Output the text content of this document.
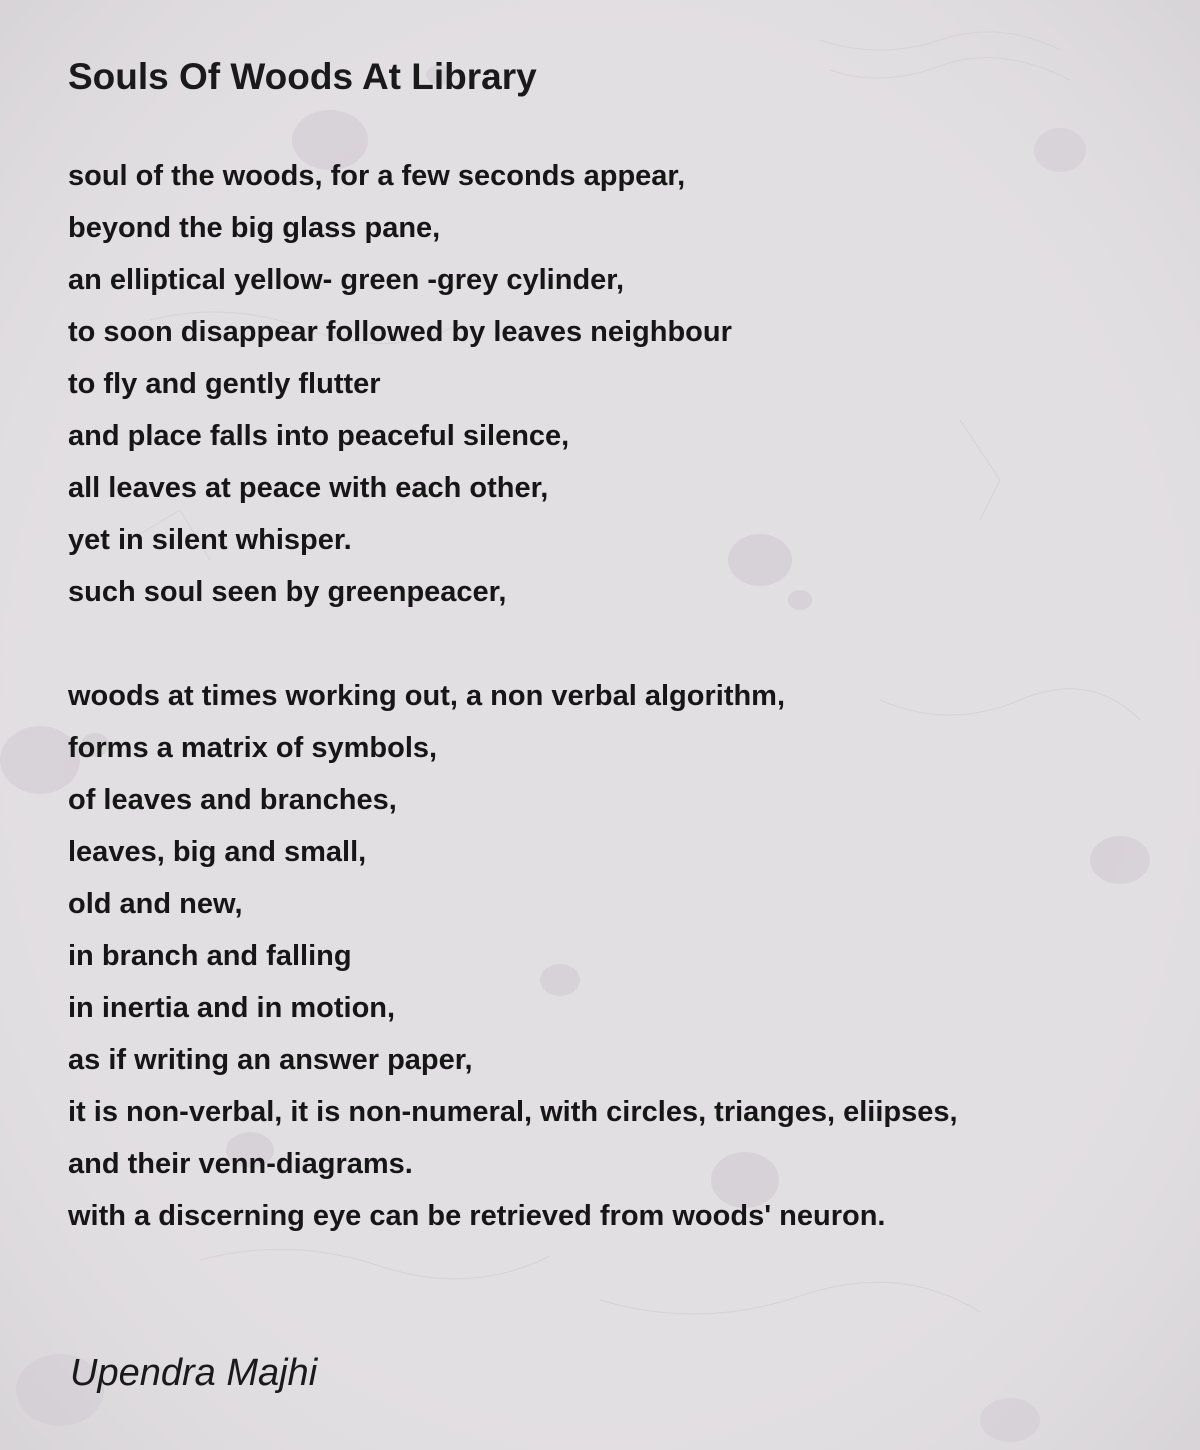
Souls Of Woods At Library
soul of the woods, for a few seconds appear,
beyond the big glass pane,
an elliptical yellow- green -grey cylinder,
to soon disappear followed by leaves neighbour
to fly and gently flutter
and place falls into peaceful silence,
all leaves at peace with each other,
yet in silent whisper.
such soul seen by greenpeacer,
woods at times working out, a non verbal algorithm,
forms a matrix of symbols,
of leaves and branches,
leaves, big and small,
old and new,
in branch and falling
in inertia and in motion,
as if writing an answer paper,
it is non-verbal, it is non-numeral, with circles, trianges, eliipses,
and their venn-diagrams.
with a discerning eye can be retrieved from woods' neuron.
Upendra Majhi
